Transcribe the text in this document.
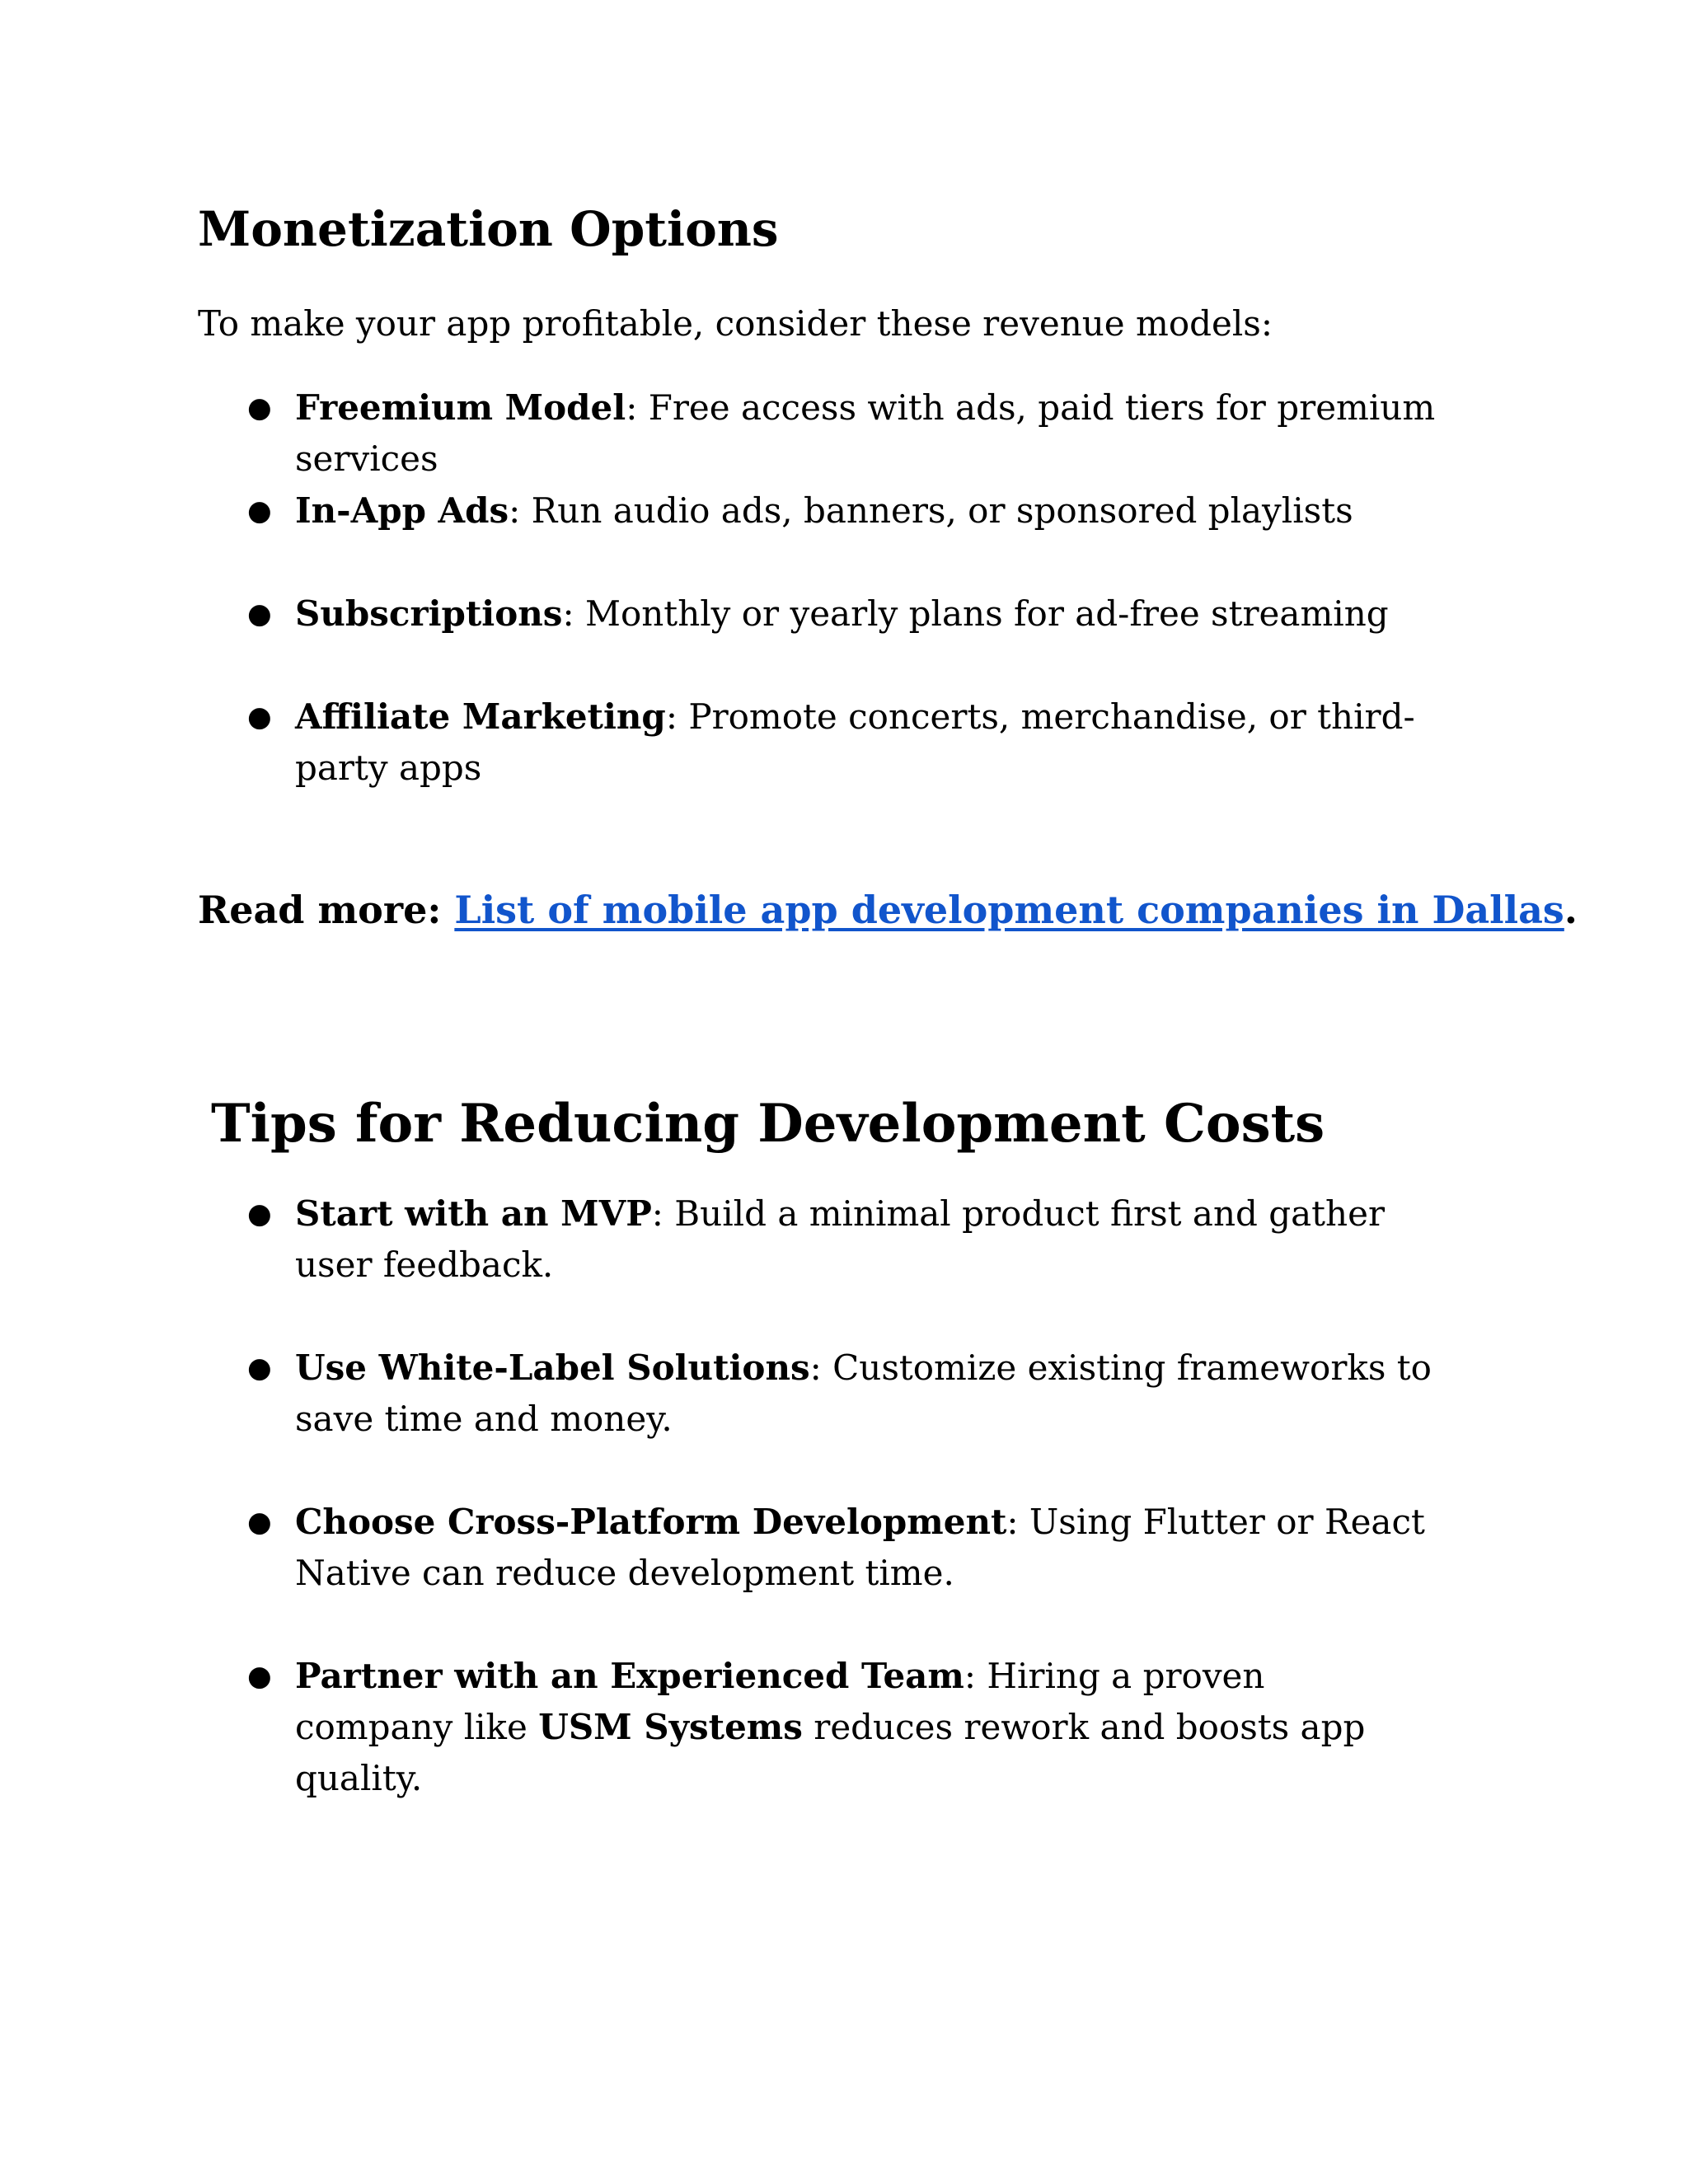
Monetization Options

To make your app profitable, consider these revenue models:

● Freemium Model: Free access with ads, paid tiers for premium services
● In-App Ads: Run audio ads, banners, or sponsored playlists
● Subscriptions: Monthly or yearly plans for ad-free streaming
● Affiliate Marketing: Promote concerts, merchandise, or third-party apps

Read more: List of mobile app development companies in Dallas.

Tips for Reducing Development Costs
● Start with an MVP: Build a minimal product first and gather user feedback.
● Use White-Label Solutions: Customize existing frameworks to save time and money.
● Choose Cross-Platform Development: Using Flutter or React Native can reduce development time.
● Partner with an Experienced Team: Hiring a proven company like USM Systems reduces rework and boosts app quality.
